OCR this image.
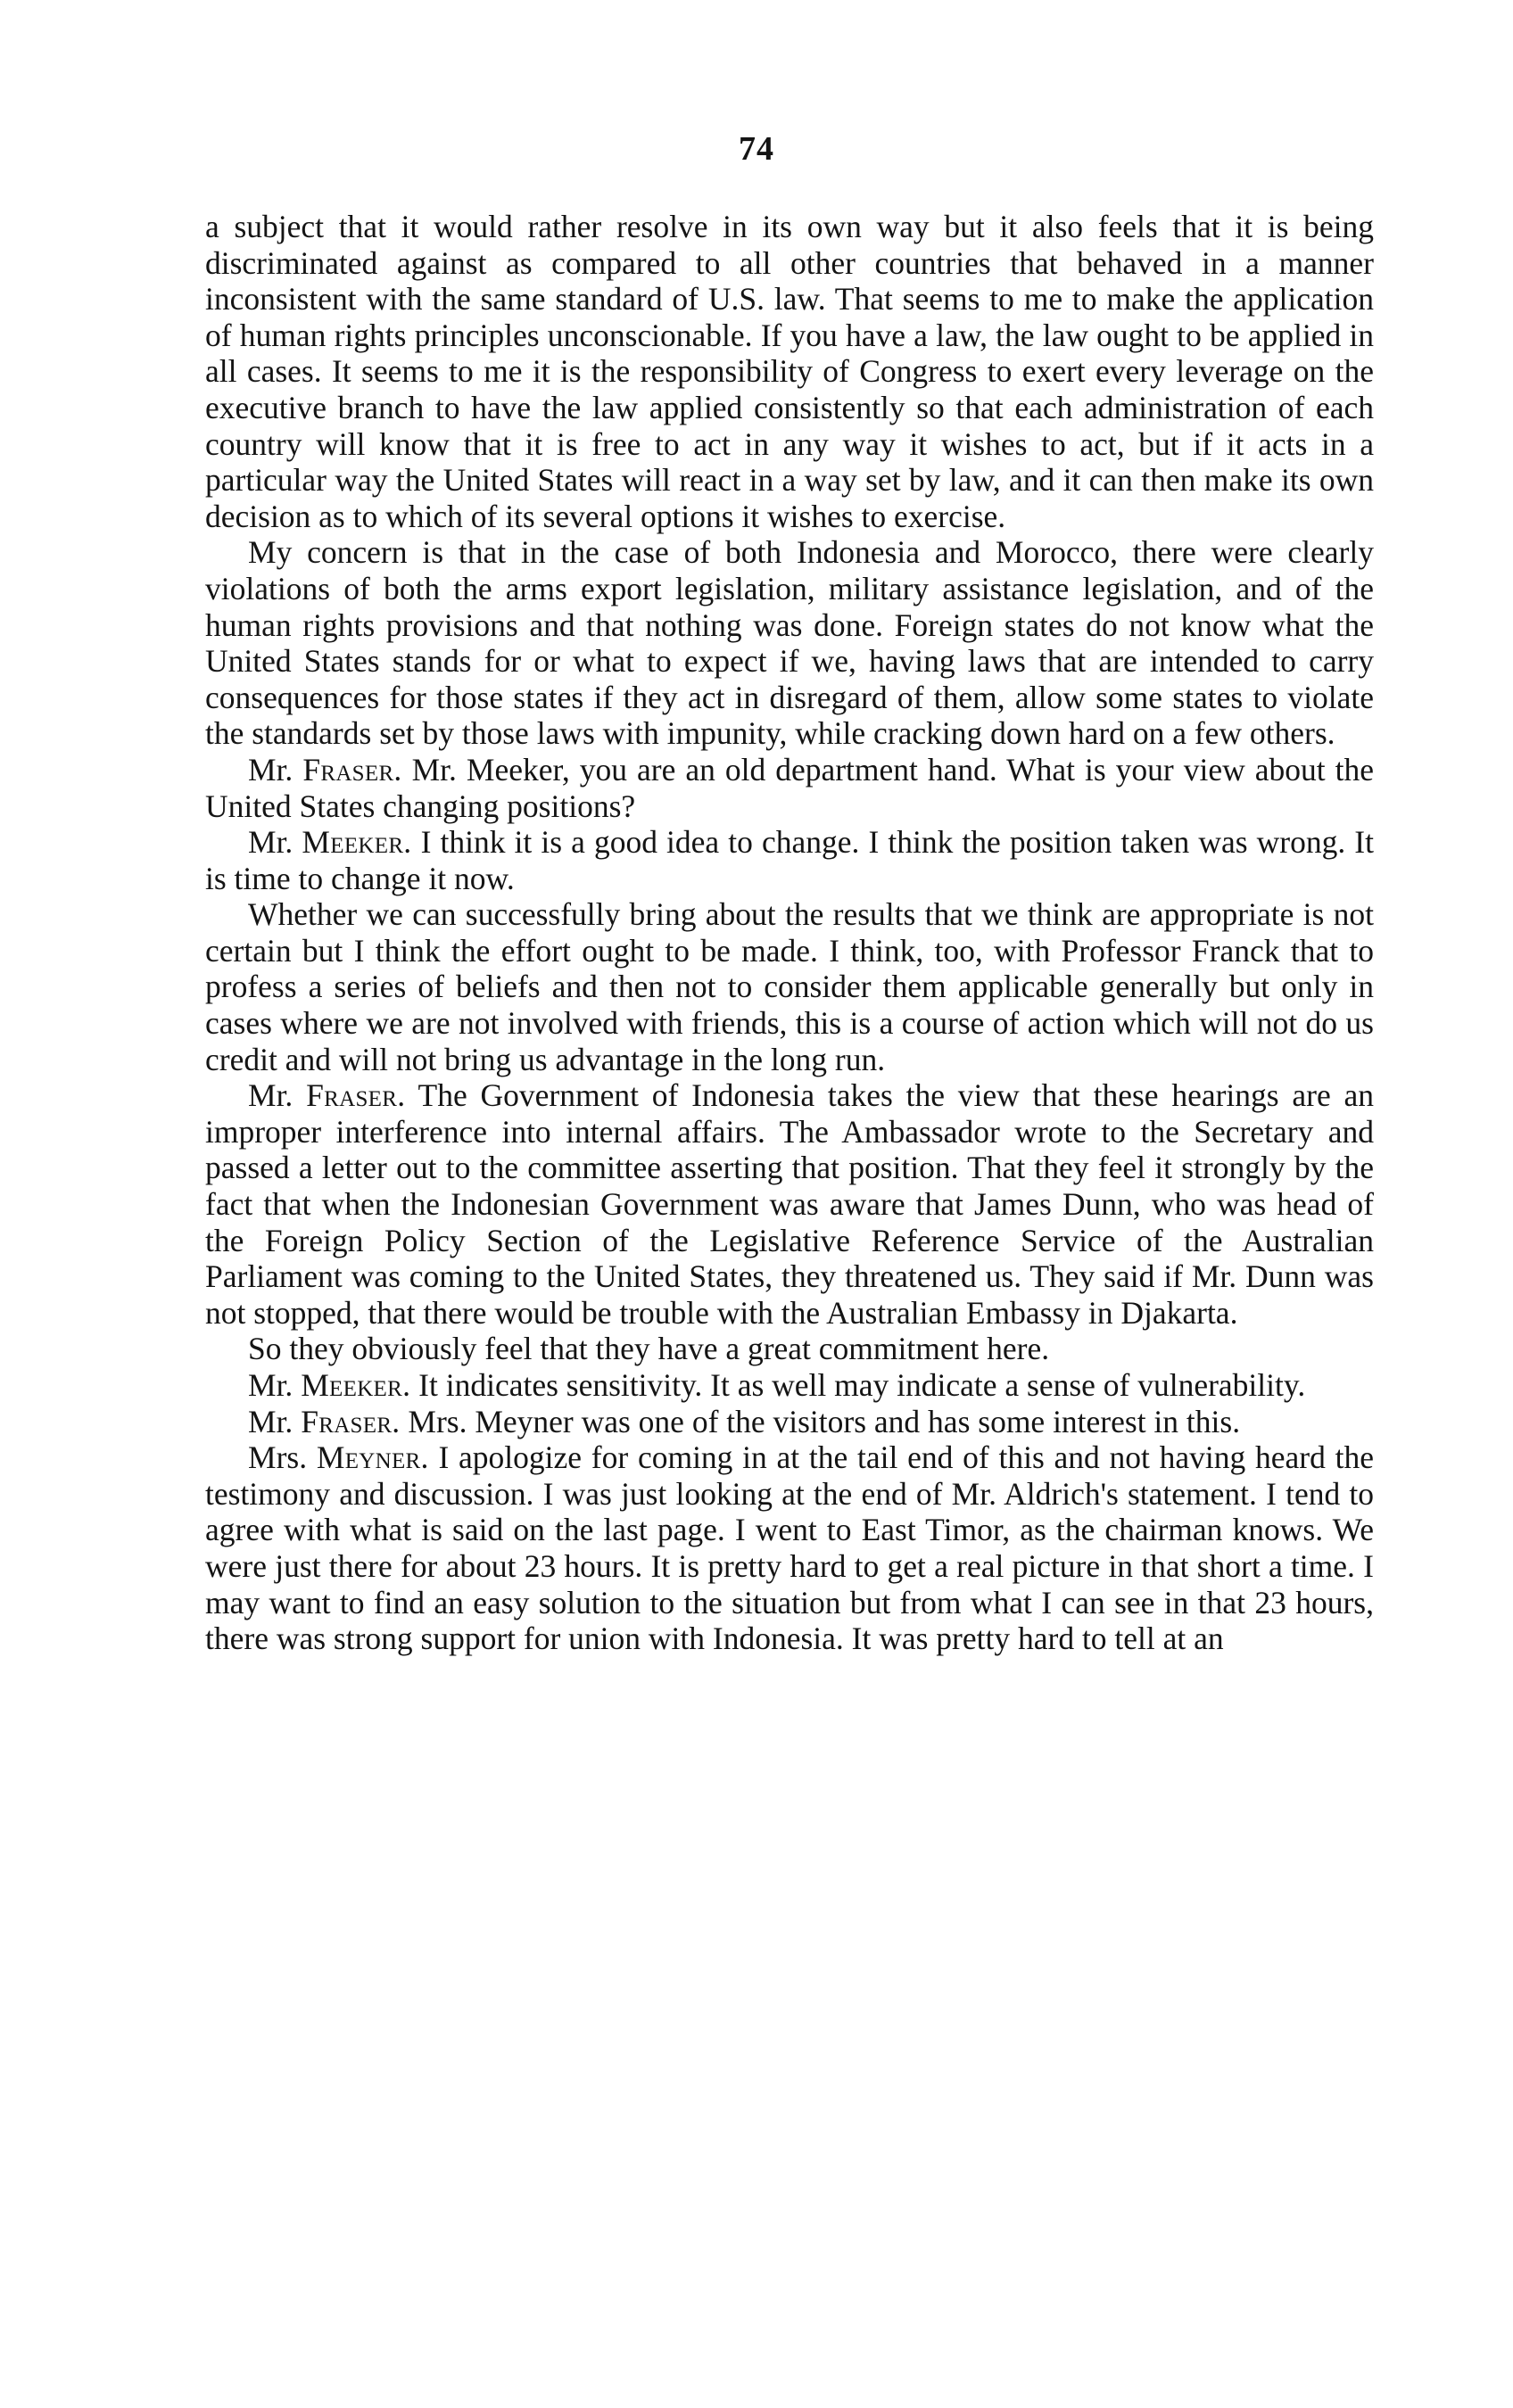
74

a subject that it would rather resolve in its own way but it also feels that it is being discriminated against as compared to all other countries that behaved in a manner inconsistent with the same standard of U.S. law. That seems to me to make the application of human rights principles unconscionable. If you have a law, the law ought to be applied in all cases. It seems to me it is the responsibility of Congress to exert every leverage on the executive branch to have the law applied consistently so that each administration of each country will know that it is free to act in any way it wishes to act, but if it acts in a particular way the United States will react in a way set by law, and it can then make its own decision as to which of its several options it wishes to exercise.

My concern is that in the case of both Indonesia and Morocco, there were clearly violations of both the arms export legislation, military assistance legislation, and of the human rights provisions and that nothing was done. Foreign states do not know what the United States stands for or what to expect if we, having laws that are intended to carry consequences for those states if they act in disregard of them, allow some states to violate the standards set by those laws with impunity, while cracking down hard on a few others.

Mr. Fraser. Mr. Meeker, you are an old department hand. What is your view about the United States changing positions?

Mr. Meeker. I think it is a good idea to change. I think the position taken was wrong. It is time to change it now.

Whether we can successfully bring about the results that we think are appropriate is not certain but I think the effort ought to be made. I think, too, with Professor Franck that to profess a series of beliefs and then not to consider them applicable generally but only in cases where we are not involved with friends, this is a course of action which will not do us credit and will not bring us advantage in the long run.

Mr. Fraser. The Government of Indonesia takes the view that these hearings are an improper interference into internal affairs. The Ambassador wrote to the Secretary and passed a letter out to the committee asserting that position. That they feel it strongly by the fact that when the Indonesian Government was aware that James Dunn, who was head of the Foreign Policy Section of the Legislative Reference Service of the Australian Parliament was coming to the United States, they threatened us. They said if Mr. Dunn was not stopped, that there would be trouble with the Australian Embassy in Djakarta.

So they obviously feel that they have a great commitment here.

Mr. Meeker. It indicates sensitivity. It as well may indicate a sense of vulnerability.

Mr. Fraser. Mrs. Meyner was one of the visitors and has some interest in this.

Mrs. Meyner. I apologize for coming in at the tail end of this and not having heard the testimony and discussion. I was just looking at the end of Mr. Aldrich's statement. I tend to agree with what is said on the last page. I went to East Timor, as the chairman knows. We were just there for about 23 hours. It is pretty hard to get a real picture in that short a time. I may want to find an easy solution to the situation but from what I can see in that 23 hours, there was strong support for union with Indonesia. It was pretty hard to tell at an
